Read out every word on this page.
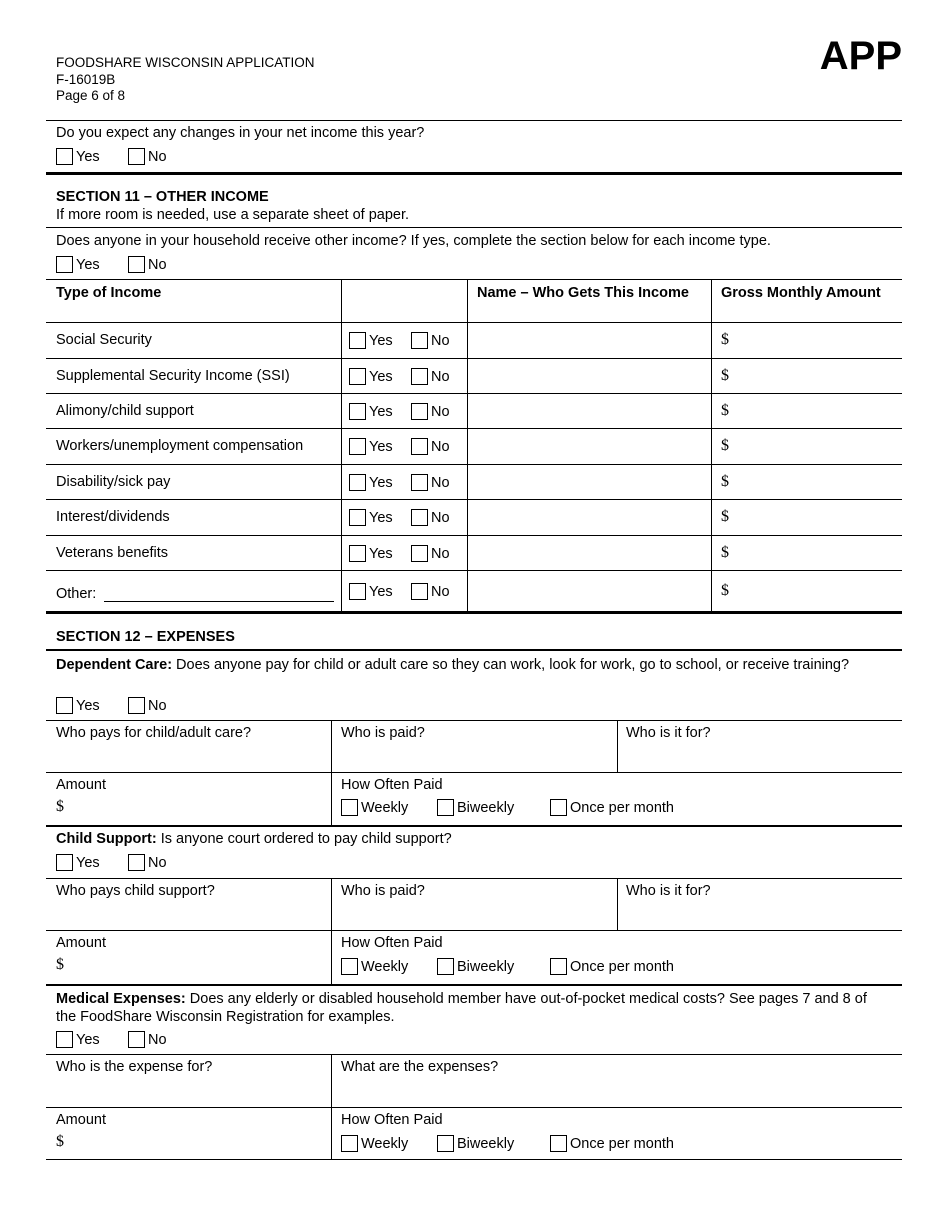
FOODSHARE WISCONSIN APPLICATION
F-16019B
Page 6 of 8
APP
Do you expect any changes in your net income this year?
Yes	No
SECTION 11 – OTHER INCOME
If more room is needed, use a separate sheet of paper.
Does anyone in your household receive other income? If yes, complete the section below for each income type.
Yes	No
Type of Income	Name – Who Gets This Income	Gross Monthly Amount
Social Security	Yes	No	$
Supplemental Security Income (SSI)	Yes	No	$
Alimony/child support	Yes	No	$
Workers/unemployment compensation	Yes	No	$
Disability/sick pay	Yes	No	$
Interest/dividends	Yes	No	$
Veterans benefits	Yes	No	$
Other:	Yes	No	$
SECTION 12 – EXPENSES
Dependent Care: Does anyone pay for child or adult care so they can work, look for work, go to school, or receive training?
Yes	No
Who pays for child/adult care?	Who is paid?	Who is it for?
Amount
$
How Often Paid
Weekly	Biweekly	Once per month
Child Support: Is anyone court ordered to pay child support?
Yes	No
Who pays child support?	Who is paid?	Who is it for?
Amount
$
How Often Paid
Weekly	Biweekly	Once per month
Medical Expenses: Does any elderly or disabled household member have out-of-pocket medical costs? See pages 7 and 8 of the FoodShare Wisconsin Registration for examples.
Yes	No
Who is the expense for?	What are the expenses?
Amount
$
How Often Paid
Weekly	Biweekly	Once per month
